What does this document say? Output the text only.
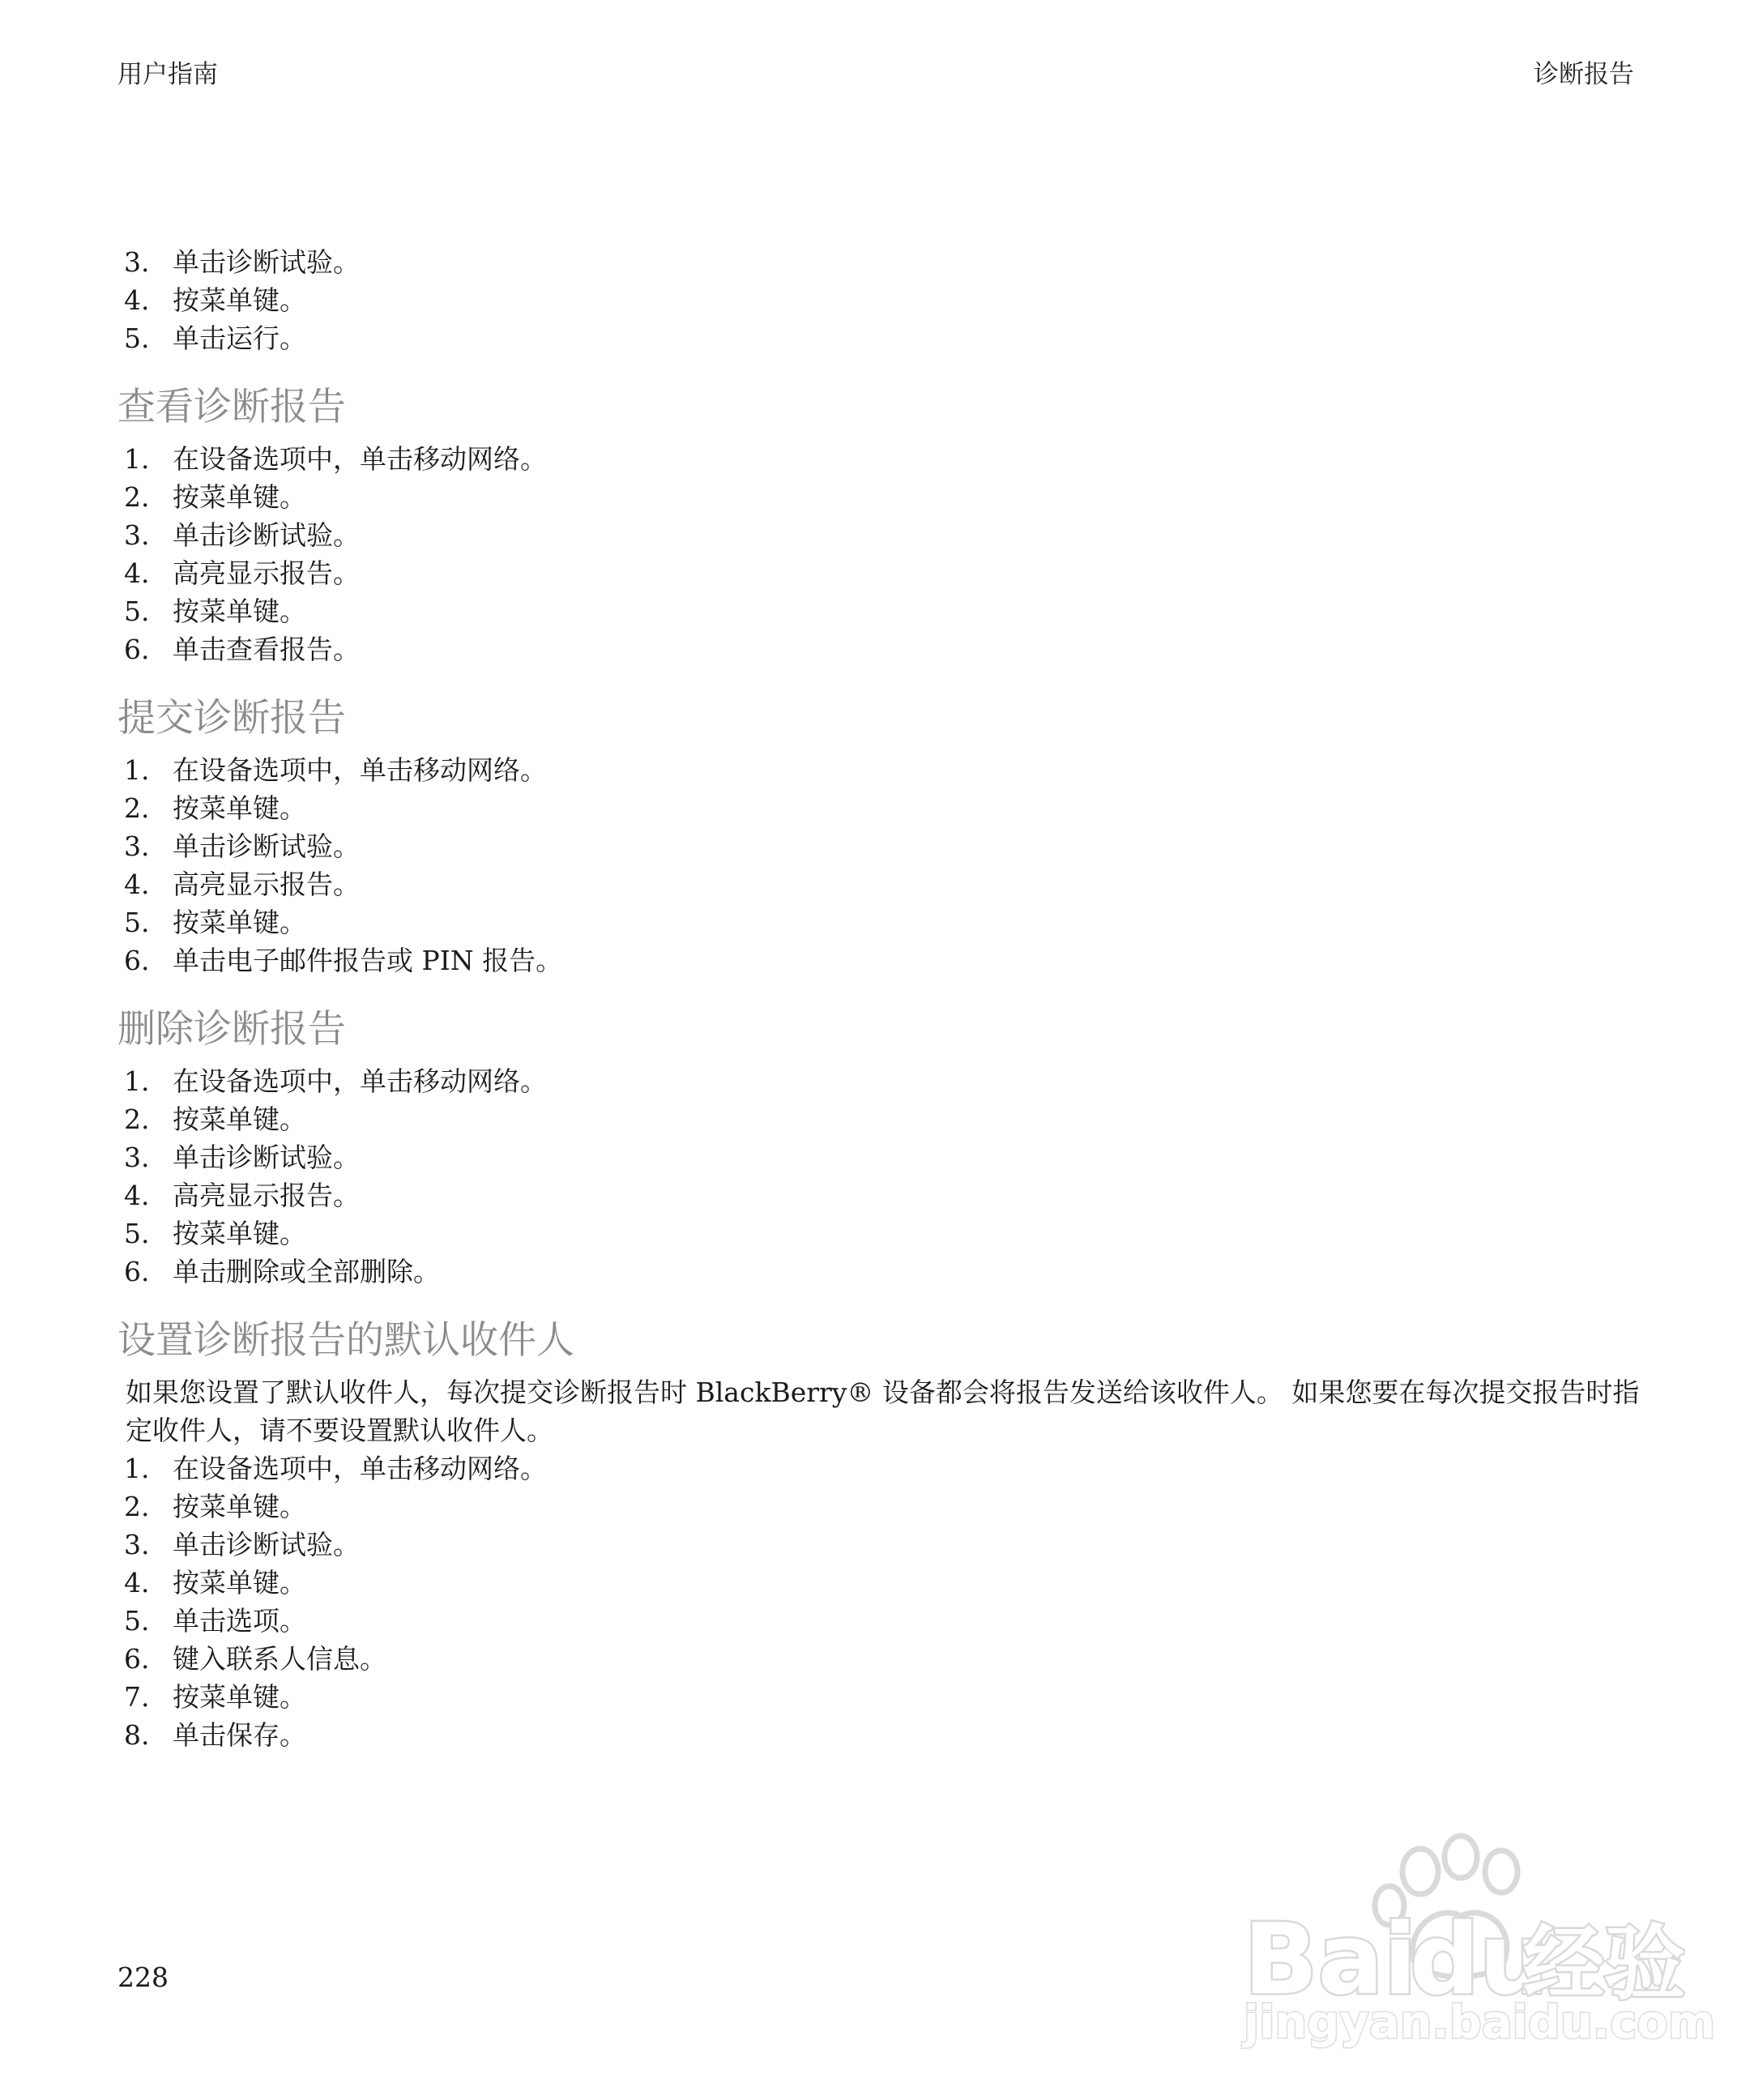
用户指南	诊断报告
3. 单击诊断试验。
4. 按菜单键。
5. 单击运行。
查看诊断报告
1. 在设备选项中，单击移动网络。
2. 按菜单键。
3. 单击诊断试验。
4. 高亮显示报告。
5. 按菜单键。
6. 单击查看报告。
提交诊断报告
1. 在设备选项中，单击移动网络。
2. 按菜单键。
3. 单击诊断试验。
4. 高亮显示报告。
5. 按菜单键。
6. 单击电子邮件报告或 PIN 报告。
删除诊断报告
1. 在设备选项中，单击移动网络。
2. 按菜单键。
3. 单击诊断试验。
4. 高亮显示报告。
5. 按菜单键。
6. 单击删除或全部删除。
设置诊断报告的默认收件人

如果您设置了默认收件人，每次提交诊断报告时 BlackBerry® 设备都会将报告发送给该收件人。 如果您要在每次提交报告时指定收件人，请不要设置默认收件人。

1. 在设备选项中，单击移动网络。
2. 按菜单键。
3. 单击诊断试验。
4. 按菜单键。
5. 单击选项。
6. 键入联系人信息。
7. 按菜单键。
8. 单击保存。
228	Bai
du
经验
jingyan.baidu.com
